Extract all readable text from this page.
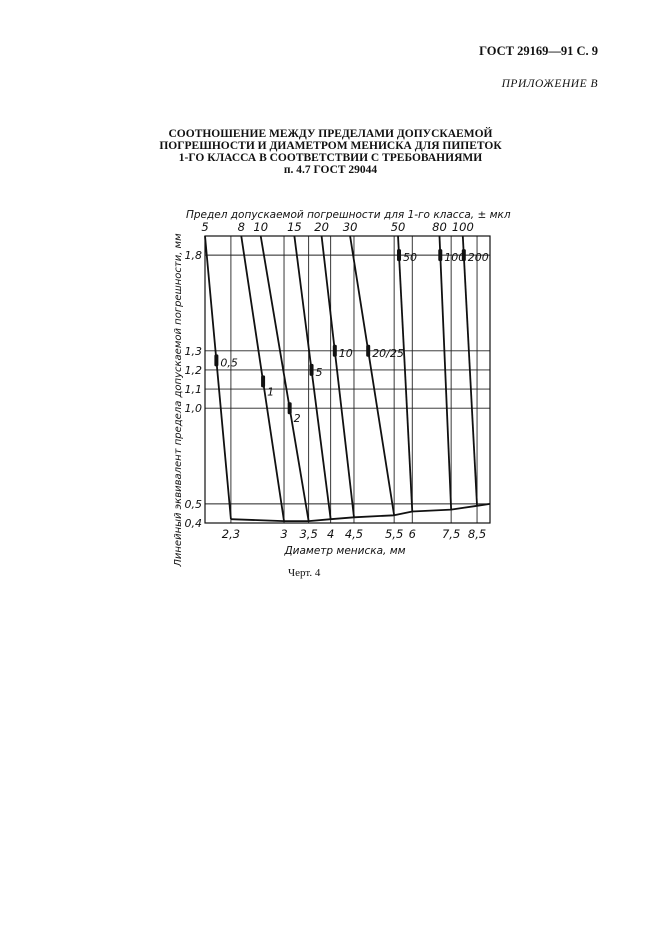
ГОСТ 29169—91 С. 9
ПРИЛОЖЕНИЕ В
СООТНОШЕНИЕ МЕЖДУ ПРЕДЕЛАМИ ДОПУСКАЕМОЙ
ПОГРЕШНОСТИ И ДИАМЕТРОМ МЕНИСКА ДЛЯ ПИПЕТОК
1-ГО КЛАССА В СООТВЕТСТВИИ С ТРЕБОВАНИЯМИ
п. 4.7 ГОСТ 29044
1,8
1,3
1,2
1,1
1,0
0,5
0,4
5	8 10 15 20 30	50 80 100
2,3	3 3,5 4 4,5 5,5 6 7,5 8,5
0,5
1
2
5
10 20/25
50 100 200
Предел допускаемой погрешности для 1-го класса, ± мкл
Диаметр мениска, мм
Линейный эквивалент предела допускаемой погрешности, мм
Черт. 4
